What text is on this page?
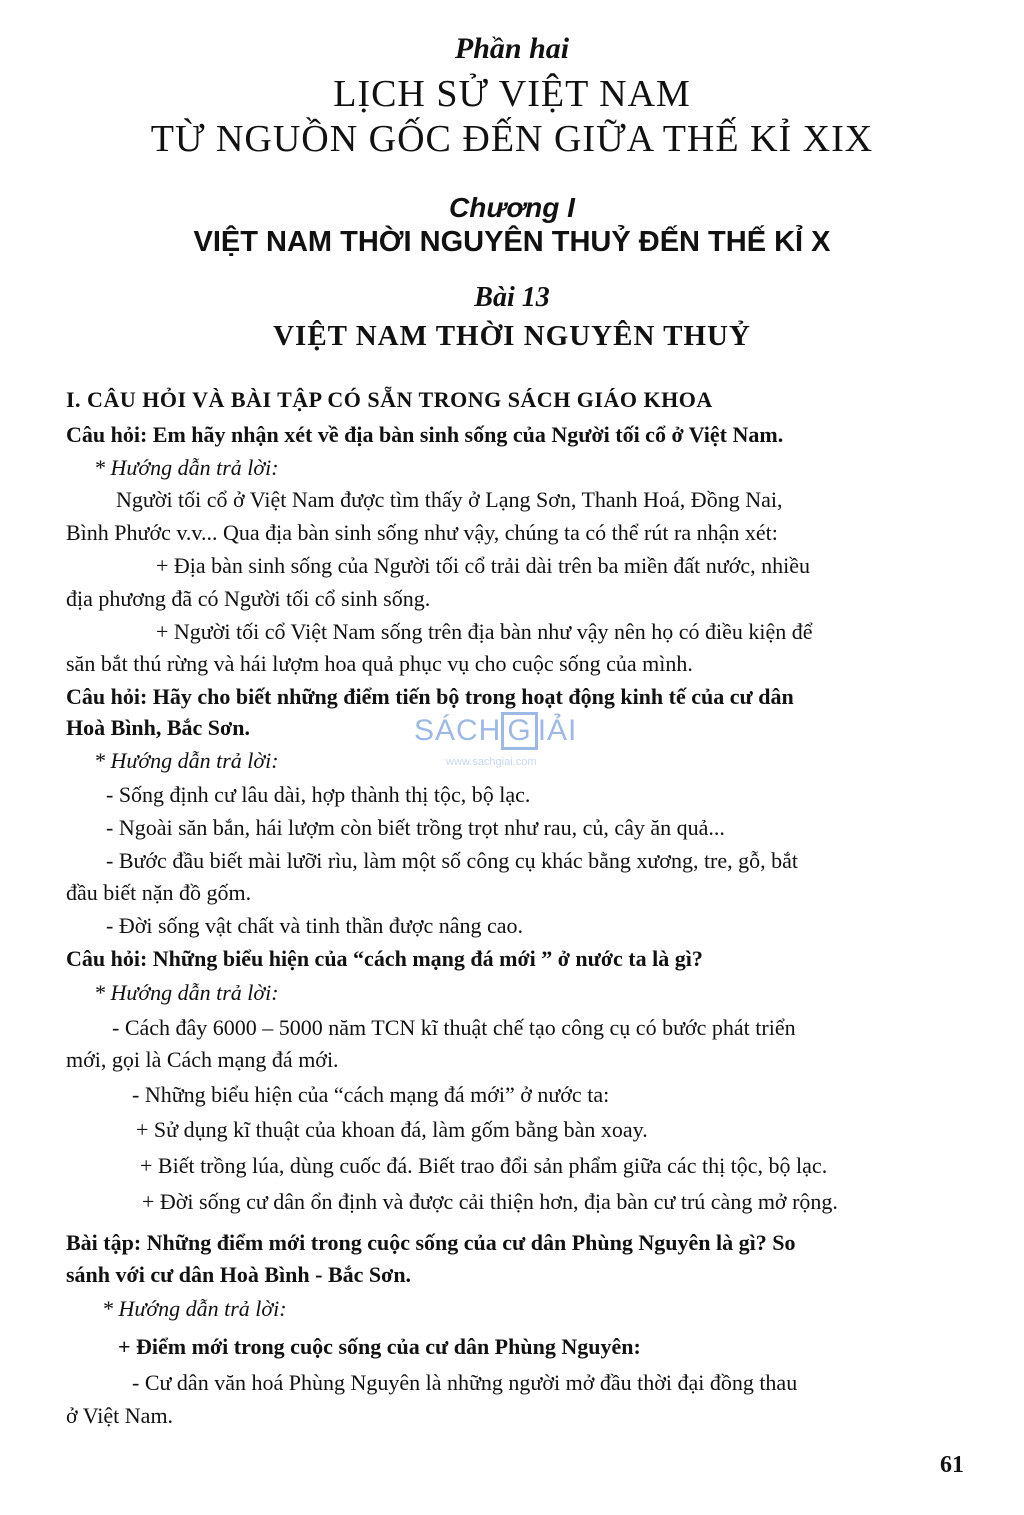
Phần hai
LỊCH SỬ VIỆT NAM
TỪ NGUỒN GỐC ĐẾN GIỮA THẾ KỈ XIX
Chương I
VIỆT NAM THỜI NGUYÊN THUỶ ĐẾN THẾ KỈ X
Bài 13
VIỆT NAM THỜI NGUYÊN THUỶ
I. CÂU HỎI VÀ BÀI TẬP CÓ SẴN TRONG SÁCH GIÁO KHOA
Câu hỏi: Em hãy nhận xét về địa bàn sinh sống của Người tối cổ ở Việt Nam.
* Hướng dẫn trả lời:
Người tối cổ ở Việt Nam được tìm thấy ở Lạng Sơn, Thanh Hoá, Đồng Nai,
Bình Phước v.v... Qua địa bàn sinh sống như vậy, chúng ta có thể rút ra nhận xét:
+ Địa bàn sinh sống của Người tối cổ trải dài trên ba miền đất nước, nhiều
địa phương đã có Người tối cổ sinh sống.
+ Người tối cổ Việt Nam sống trên địa bàn như vậy nên họ có điều kiện để
săn bắt thú rừng và hái lượm hoa quả phục vụ cho cuộc sống của mình.
Câu hỏi: Hãy cho biết những điểm tiến bộ trong hoạt động kinh tế của cư dân
Hoà Bình, Bắc Sơn.
* Hướng dẫn trả lời:
- Sống định cư lâu dài, hợp thành thị tộc, bộ lạc.
- Ngoài săn bắn, hái lượm còn biết trồng trọt như rau, củ, cây ăn quả...
- Bước đầu biết mài lưỡi rìu, làm một số công cụ khác bằng xương, tre, gỗ, bắt
đầu biết nặn đồ gốm.
- Đời sống vật chất và tinh thần được nâng cao.
Câu hỏi: Những biểu hiện của “cách mạng đá mới ” ở nước ta là gì?
* Hướng dẫn trả lời:
- Cách đây 6000 – 5000 năm TCN kĩ thuật chế tạo công cụ có bước phát triển
mới, gọi là Cách mạng đá mới.
- Những biểu hiện của “cách mạng đá mới” ở nước ta:
+ Sử dụng kĩ thuật của khoan đá, làm gốm bằng bàn xoay.
+ Biết trồng lúa, dùng cuốc đá. Biết trao đổi sản phẩm giữa các thị tộc, bộ lạc.
+ Đời sống cư dân ổn định và được cải thiện hơn, địa bàn cư trú càng mở rộng.
Bài tập: Những điểm mới trong cuộc sống của cư dân Phùng Nguyên là gì? So
sánh với cư dân Hoà Bình - Bắc Sơn.
* Hướng dẫn trả lời:
+ Điểm mới trong cuộc sống của cư dân Phùng Nguyên:
- Cư dân văn hoá Phùng Nguyên là những người mở đầu thời đại đồng thau
ở Việt Nam.
SÁCH G IẢI
www.sachgiai.com
61
